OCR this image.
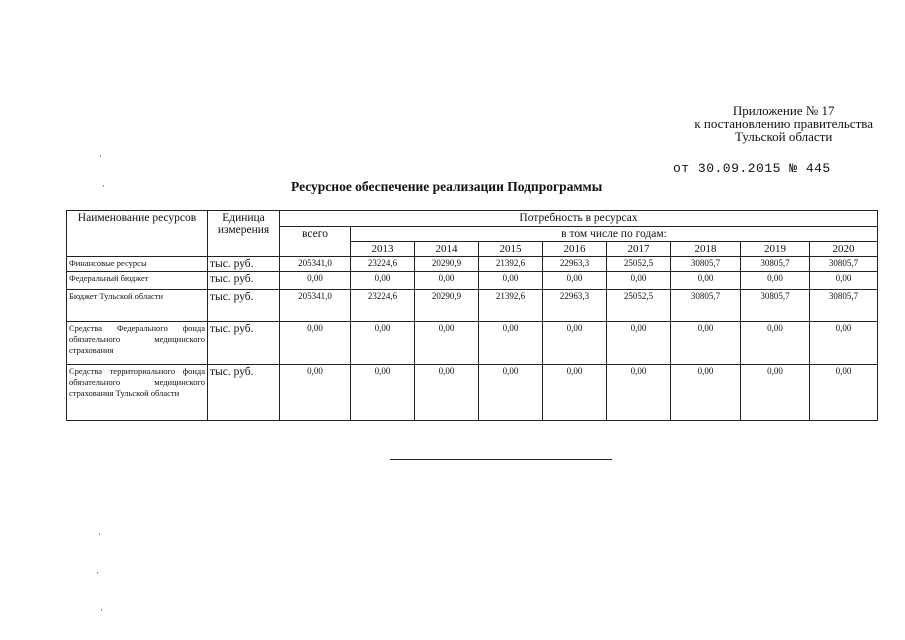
Приложение № 17
к постановлению правительства
Тульской области
от 30.09.2015 № 445
Ресурсное обеспечение реализации Подпрограммы
Наименование ресурсов	Единица измерения	Потребность в ресурсах								
		всего	в том числе по годам:							
			2013	2014	2015	2016	2017	2018	2019	2020
Финансовые ресурсы	тыс. руб.	205341,0	23224,6	20290,9	21392,6	22963,3	25052,5	30805,7	30805,7	30805,7
Федеральный бюджет	тыс. руб.	0,00	0,00	0,00	0,00	0,00	0,00	0,00	0,00	0,00
Бюджет Тульской области	тыс. руб.	205341,0	23224,6	20290,9	21392,6	22963,3	25052,5	30805,7	30805,7	30805,7
Средства Федерального фонда обязательного медицинского страхования	тыс. руб.	0,00	0,00	0,00	0,00	0,00	0,00	0,00	0,00	0,00
Средства территориального фонда обязательного медицинского страхования Тульской области	тыс. руб.	0,00	0,00	0,00	0,00	0,00	0,00	0,00	0,00	0,00
